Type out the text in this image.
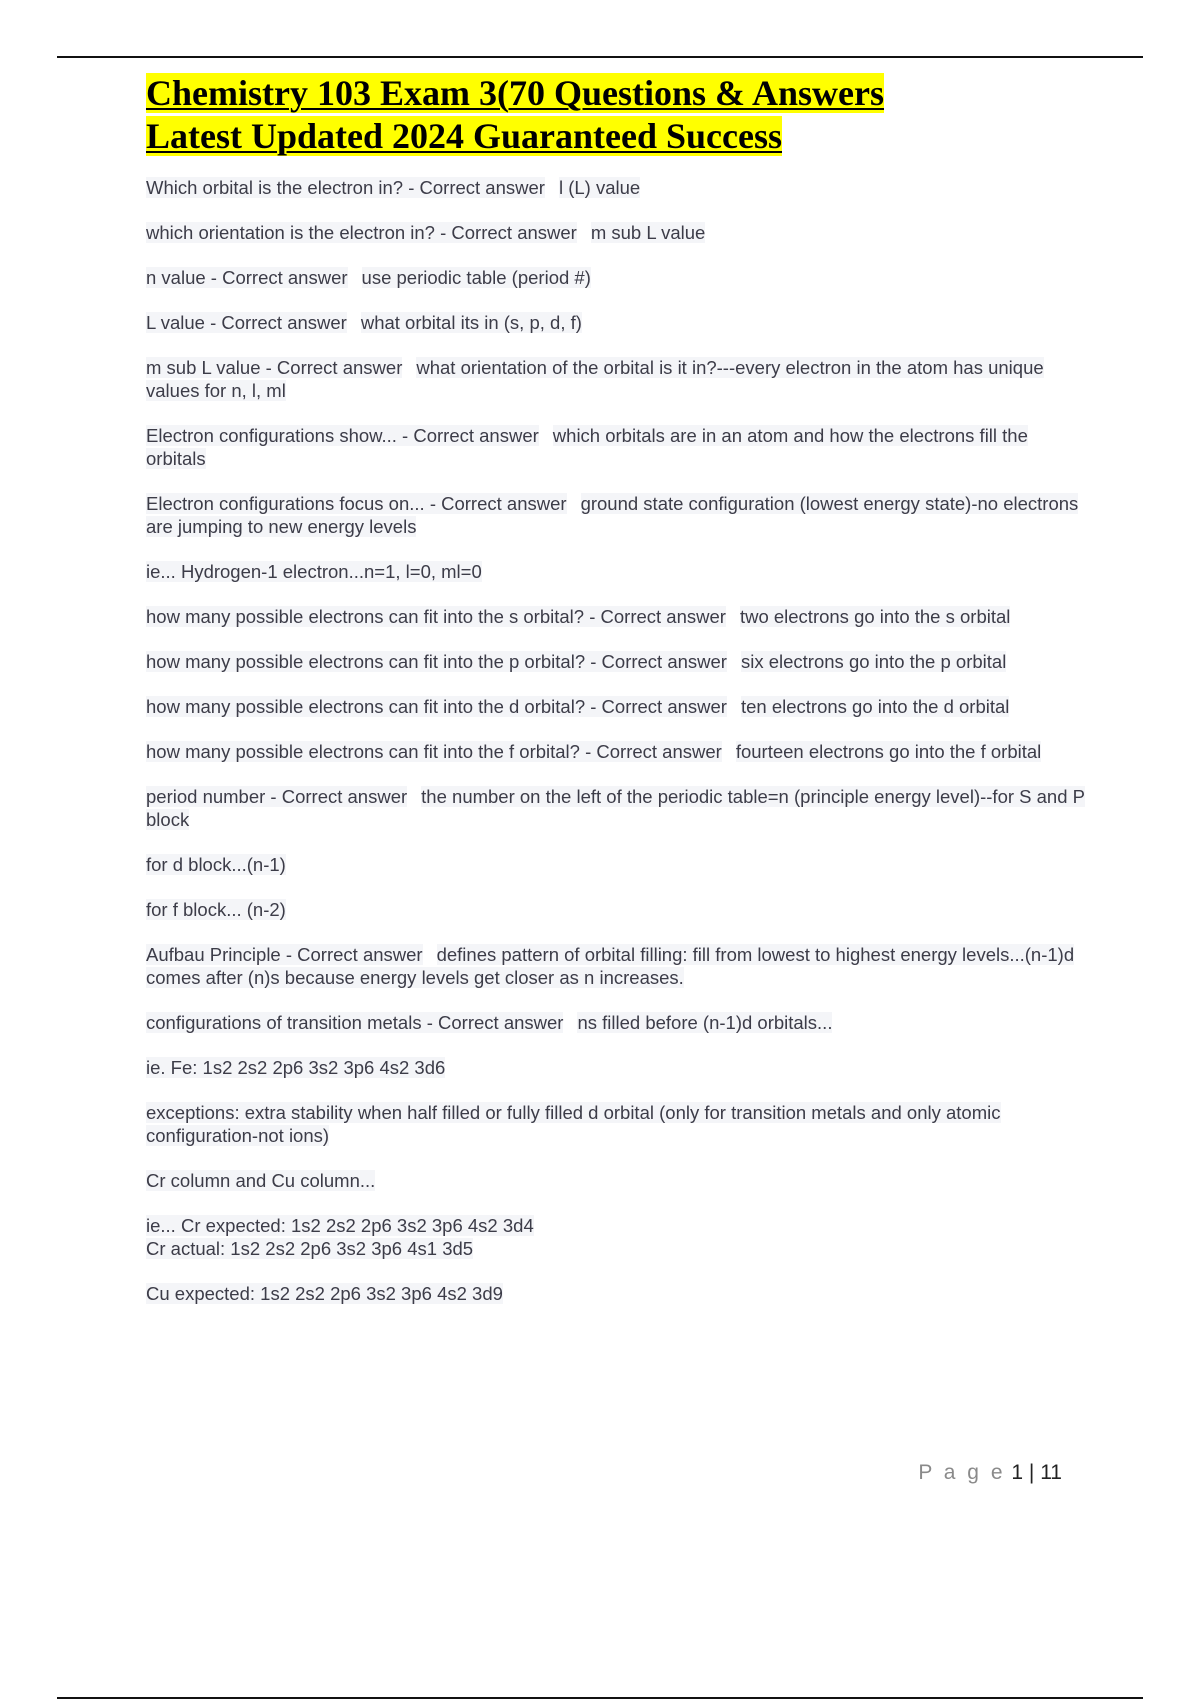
Chemistry 103 Exam 3(70 Questions & Answers
Latest Updated 2024 Guaranteed Success

Which orbital is the electron in? - Correct answer l (L) value

which orientation is the electron in? - Correct answer m sub L value

n value - Correct answer use periodic table (period #)

L value - Correct answer what orbital its in (s, p, d, f)

m sub L value - Correct answer what orientation of the orbital is it in?---every electron in the atom has unique values for n, l, ml

Electron configurations show... - Correct answer which orbitals are in an atom and how the electrons fill the orbitals

Electron configurations focus on... - Correct answer ground state configuration (lowest energy state)-no electrons are jumping to new energy levels

ie... Hydrogen-1 electron...n=1, l=0, ml=0

how many possible electrons can fit into the s orbital? - Correct answer two electrons go into the s orbital

how many possible electrons can fit into the p orbital? - Correct answer six electrons go into the p orbital

how many possible electrons can fit into the d orbital? - Correct answer ten electrons go into the d orbital

how many possible electrons can fit into the f orbital? - Correct answer fourteen electrons go into the f orbital

period number - Correct answer the number on the left of the periodic table=n (principle energy level)--for S and P block

for d block...(n-1)

for f block... (n-2)

Aufbau Principle - Correct answer defines pattern of orbital filling: fill from lowest to highest energy levels...(n-1)d comes after (n)s because energy levels get closer as n increases.

configurations of transition metals - Correct answer ns filled before (n-1)d orbitals...

ie. Fe: 1s2 2s2 2p6 3s2 3p6 4s2 3d6

exceptions: extra stability when half filled or fully filled d orbital (only for transition metals and only atomic configuration-not ions)

Cr column and Cu column...

ie... Cr expected: 1s2 2s2 2p6 3s2 3p6 4s2 3d4
Cr actual: 1s2 2s2 2p6 3s2 3p6 4s1 3d5

Cu expected: 1s2 2s2 2p6 3s2 3p6 4s2 3d9

P a g e 1 | 11
